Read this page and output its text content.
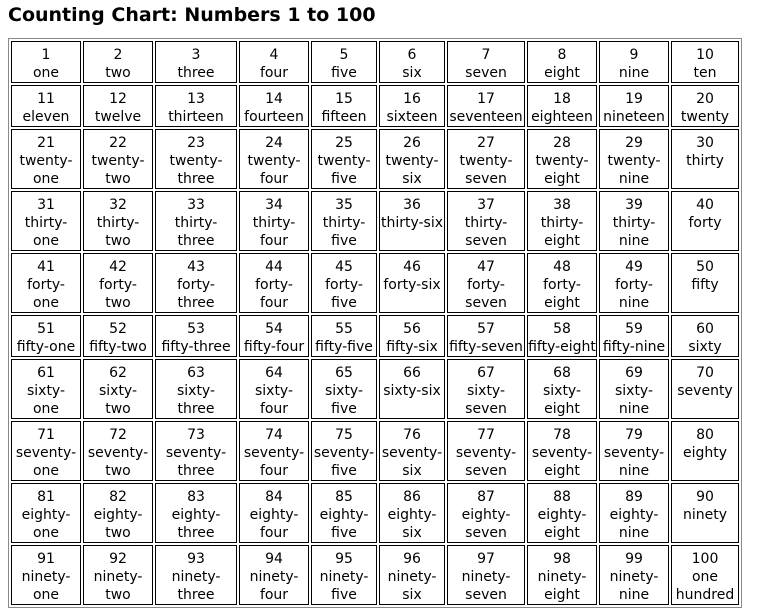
Counting Chart: Numbers 1 to 100
1
one	2
two	3
three	4
four	5
five	6
six	7
seven	8
eight	9
nine	10
ten

11
eleven	12
twelve	13
thirteen	14
fourteen	15
fifteen	16
sixteen	17
seventeen	18
eighteen	19
nineteen	20
twenty

21
twenty-
one	22
twenty-
two	23
twenty-
three	24
twenty-
four	25
twenty-
five	26
twenty-
six	27
twenty-
seven	28
twenty-
eight	29
twenty-
nine	30
thirty

31
thirty-
one	32
thirty-
two	33
thirty-
three	34
thirty-
four	35
thirty-
five	36
thirty-six	37
thirty-
seven	38
thirty-
eight	39
thirty-
nine	40
forty

41
forty-
one	42
forty-
two	43
forty-
three	44
forty-
four	45
forty-
five	46
forty-six	47
forty-
seven	48
forty-
eight	49
forty-
nine	50
fifty

51
fifty-one	52
fifty-two	53
fifty-three	54
fifty-four	55
fifty-five	56
fifty-six	57
fifty-seven	58
fifty-eight	59
fifty-nine	60
sixty

61
sixty-
one	62
sixty-
two	63
sixty-
three	64
sixty-
four	65
sixty-
five	66
sixty-six	67
sixty-
seven	68
sixty-
eight	69
sixty-
nine	70
seventy

71
seventy-
one	72
seventy-
two	73
seventy-
three	74
seventy-
four	75
seventy-
five	76
seventy-
six	77
seventy-
seven	78
seventy-
eight	79
seventy-
nine	80
eighty

81
eighty-
one	82
eighty-
two	83
eighty-
three	84
eighty-
four	85
eighty-
five	86
eighty-
six	87
eighty-
seven	88
eighty-
eight	89
eighty-
nine	90
ninety

91
ninety-
one	92
ninety-
two	93
ninety-
three	94
ninety-
four	95
ninety-
five	96
ninety-
six	97
ninety-
seven	98
ninety-
eight	99
ninety-
nine	100
one
hundred
